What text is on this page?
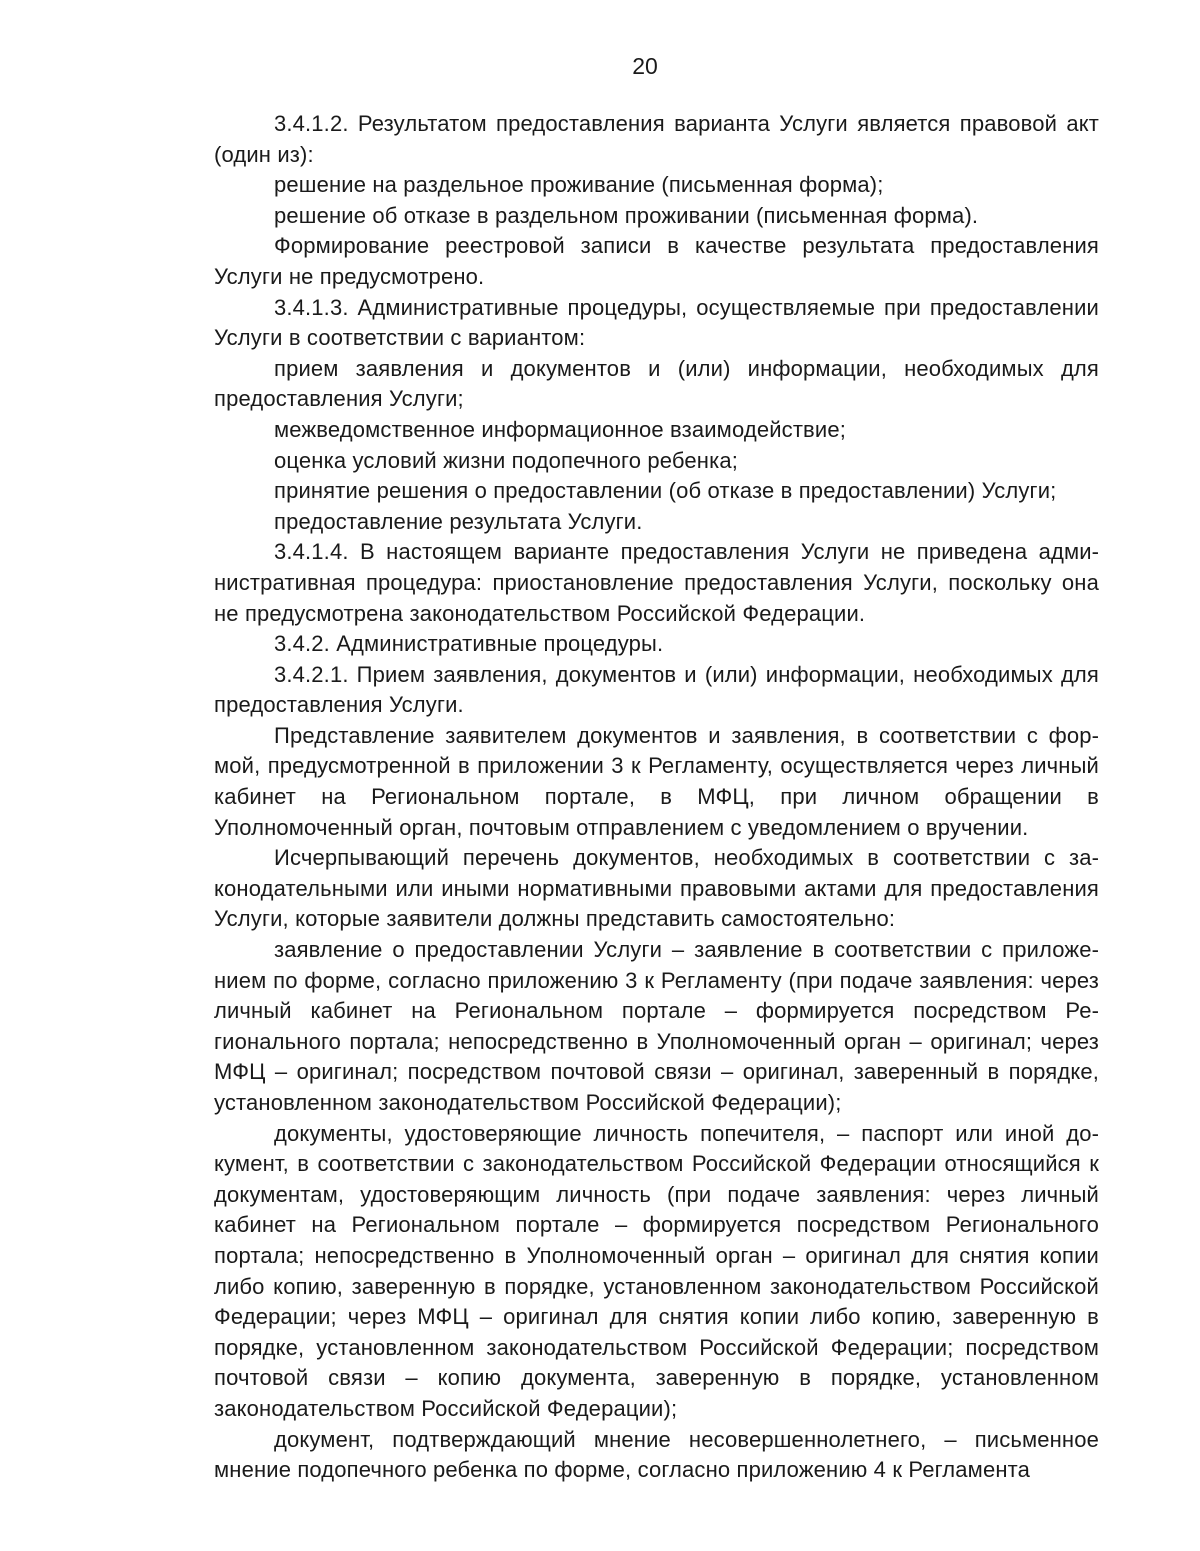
20

3.4.1.2. Результатом предоставления варианта Услуги является правовой акт (один из):

решение на раздельное проживание (письменная форма);

решение об отказе в раздельном проживании (письменная форма).

Формирование реестровой записи в качестве результата предоставления Услуги не предусмотрено.

3.4.1.3. Административные процедуры, осуществляемые при предоставлении Услуги в соответствии с вариантом:

прием заявления и документов и (или) информации, необходимых для предоставления Услуги;

межведомственное информационное взаимодействие;

оценка условий жизни подопечного ребенка;

принятие решения о предоставлении (об отказе в предоставлении) Услуги;

предоставление результата Услуги.

3.4.1.4. В настоящем варианте предоставления Услуги не приведена административная процедура: приостановление предоставления Услуги, поскольку она не предусмотрена законодательством Российской Федерации.

3.4.2. Административные процедуры.

3.4.2.1. Прием заявления, документов и (или) информации, необходимых для предоставления Услуги.

Представление заявителем документов и заявления, в соответствии с формой, предусмотренной в приложении 3 к Регламенту, осуществляется через личный кабинет на Региональном портале, в МФЦ, при личном обращении в Уполномоченный орган, почтовым отправлением с уведомлением о вручении.

Исчерпывающий перечень документов, необходимых в соответствии с законодательными или иными нормативными правовыми актами для предоставления Услуги, которые заявители должны представить самостоятельно:

заявление о предоставлении Услуги – заявление в соответствии с приложением по форме, согласно приложению 3 к Регламенту (при подаче заявления: через личный кабинет на Региональном портале – формируется посредством Регионального портала; непосредственно в Уполномоченный орган – оригинал; через МФЦ – оригинал; посредством почтовой связи – оригинал, заверенный в порядке, установленном законодательством Российской Федерации);

документы, удостоверяющие личность попечителя, – паспорт или иной документ, в соответствии с законодательством Российской Федерации относящийся к документам, удостоверяющим личность (при подаче заявления: через личный кабинет на Региональном портале – формируется посредством Регионального портала; непосредственно в Уполномоченный орган – оригинал для снятия копии либо копию, заверенную в порядке, установленном законодательством Российской Федерации; через МФЦ – оригинал для снятия копии либо копию, заверенную в порядке, установленном законодательством Российской Федерации; посредством почтовой связи – копию документа, заверенную в порядке, установленном законодательством Российской Федерации);

документ, подтверждающий мнение несовершеннолетнего, – письменное мнение подопечного ребенка по форме, согласно приложению 4 к Регламента
